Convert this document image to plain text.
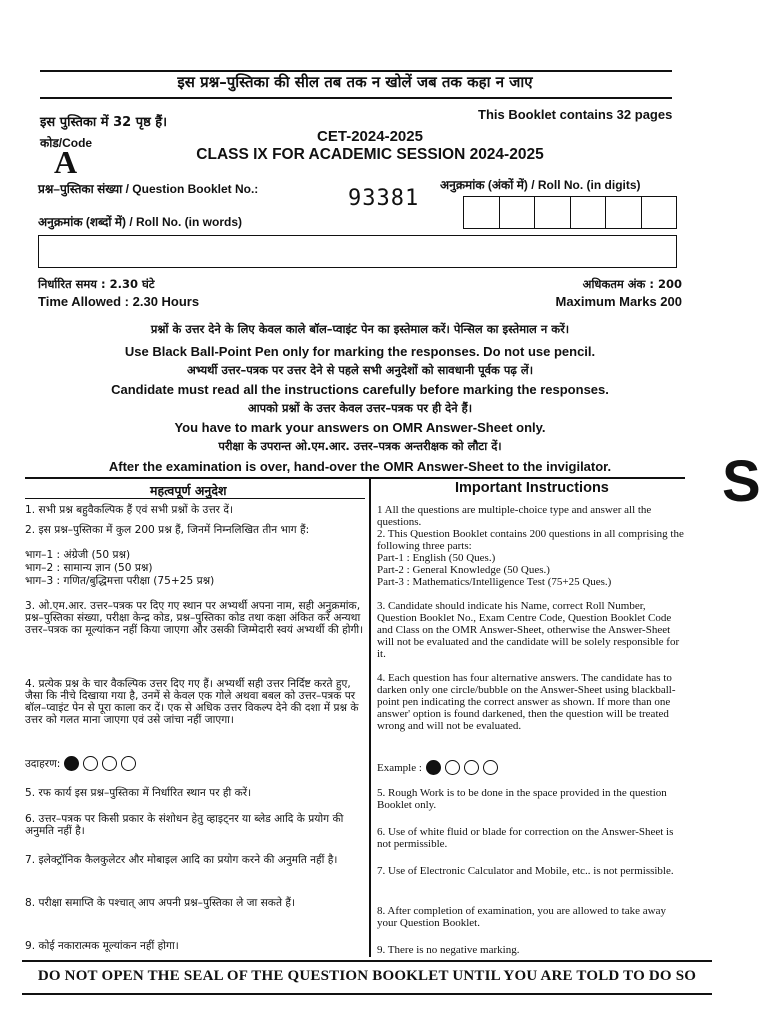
इस प्रश्न–पुस्तिका की सील तब तक न खोलें जब तक कहा न जाए
इस पुस्तिका में 32 पृष्ठ हैं।
This Booklet contains 32 pages
कोड/Code
A
CET-2024-2025
CLASS IX FOR ACADEMIC SESSION 2024-2025
प्रश्न–पुस्तिका संख्या / Question Booklet No.:	93381
अनुक्रमांक (अंकों में) / Roll No. (in digits)
अनुक्रमांक (शब्दों में) / Roll No. (in words)
निर्धारित समय : 2.30 घंटे
Time Allowed : 2.30 Hours
अधिकतम अंक : 200
Maximum Marks 200
प्रश्नों के उत्तर देने के लिए केवल काले बॉल–प्वाइंट पेन का इस्तेमाल करें। पेन्सिल का इस्तेमाल न करें।
Use Black Ball-Point Pen only for marking the responses. Do not use pencil.
अभ्यर्थी उत्तर–पत्रक पर उत्तर देने से पहले सभी अनुदेशों को सावधानी पूर्वक पढ़ लें।
Candidate must read all the instructions carefully before marking the responses.
आपको प्रश्नों के उत्तर केवल उत्तर–पत्रक पर ही देने हैं।
You have to mark your answers on OMR Answer-Sheet only.
परीक्षा के उपरान्त ओ.एम.आर. उत्तर–पत्रक अन्तरीक्षक को लौटा दें।
After the examination is over, hand-over the OMR Answer-Sheet to the invigilator.	S
महत्वपूर्ण अनुदेश	Important Instructions
1. सभी प्रश्न बहुवैकल्पिक हैं एवं सभी प्रश्नों के उत्तर दें।
2. इस प्रश्न–पुस्तिका में कुल 200 प्रश्न हैं, जिनमें निम्नलिखित तीन भाग हैं:
भाग–1 : अंग्रेजी (50 प्रश्न)
भाग–2 : सामान्य ज्ञान (50 प्रश्न)
भाग–3 : गणित/बुद्धिमत्ता परीक्षा (75+25 प्रश्न)
3. ओ.एम.आर. उत्तर–पत्रक पर दिए गए स्थान पर अभ्यर्थी अपना नाम, सही अनुक्रमांक, प्रश्न–पुस्तिका संख्या, परीक्षा केन्द्र कोड, प्रश्न–पुस्तिका कोड तथा कक्षा अंकित करें अन्यथा उत्तर–पत्रक का मूल्यांकन नहीं किया जाएगा और उसकी जिम्मेदारी स्वयं अभ्यर्थी की होगी।
4. प्रत्येक प्रश्न के चार वैकल्पिक उत्तर दिए गए हैं। अभ्यर्थी सही उत्तर निर्दिष्ट करते हुए, जैसा कि नीचे दिखाया गया है, उनमें से केवल एक गोले अथवा बबल को उत्तर–पत्रक पर बॉल–प्वाइंट पेन से पूरा काला कर दें। एक से अधिक उत्तर विकल्प देने की दशा में प्रश्न के उत्तर को गलत माना जाएगा एवं उसे जांचा नहीं जाएगा।
उदाहरण:
5. रफ कार्य इस प्रश्न–पुस्तिका में निर्धारित स्थान पर ही करें।
6. उत्तर–पत्रक पर किसी प्रकार के संशोधन हेतु व्हाइट्नर या ब्लेड आदि के प्रयोग की अनुमति नहीं है।
7. इलेक्ट्रॉनिक कैलकुलेटर और मोबाइल आदि का प्रयोग करने की अनुमति नहीं है।
8. परीक्षा समाप्ति के पश्चात् आप अपनी प्रश्न–पुस्तिका ले जा सकते हैं।
9. कोई नकारात्मक मूल्यांकन नहीं होगा।
1 All the questions are multiple-choice type and answer all the questions.
2. This Question Booklet contains 200 questions in all comprising the following three parts:
Part-1 : English (50 Ques.)
Part-2 : General Knowledge (50 Ques.)
Part-3 : Mathematics/Intelligence Test (75+25 Ques.)
3. Candidate should indicate his Name, correct Roll Number, Question Booklet No., Exam Centre Code, Question Booklet Code and Class on the OMR Answer-Sheet, otherwise the Answer-Sheet will not be evaluated and the candidate will be solely responsible for it.
4. Each question has four alternative answers. The candidate has to darken only one circle/bubble on the Answer-Sheet using blackball-point pen indicating the correct answer as shown. If more than one answer' option is found darkened, then the question will be treated wrong and will not be evaluated.
Example :
5. Rough Work is to be done in the space provided in the question Booklet only.
6. Use of white fluid or blade for correction on the Answer-Sheet is not permissible.
7. Use of Electronic Calculator and Mobile, etc.. is not permissible.
8. After completion of examination, you are allowed to take away your Question Booklet.
9. There is no negative marking.
DO NOT OPEN THE SEAL OF THE QUESTION BOOKLET UNTIL YOU ARE TOLD TO DO SO
